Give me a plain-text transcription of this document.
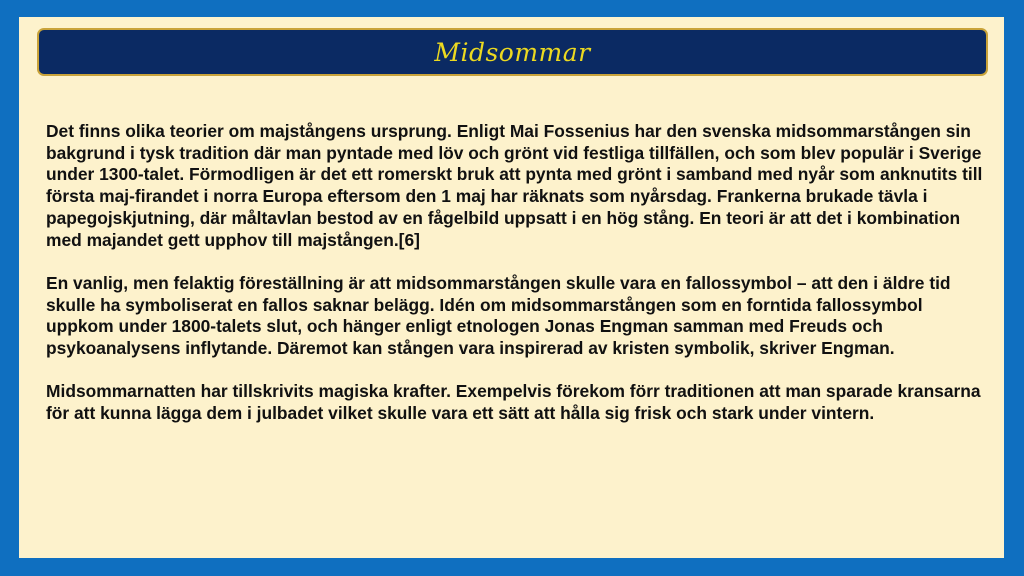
Midsommar

Det finns olika teorier om majstångens ursprung. Enligt Mai Fossenius har den svenska midsommarstången sin bakgrund i tysk tradition där man pyntade med löv och grönt vid festliga tillfällen, och som blev populär i Sverige under 1300-talet. Förmodligen är det ett romerskt bruk att pynta med grönt i samband med nyår som anknutits till första maj-firandet i norra Europa eftersom den 1 maj har räknats som nyårsdag. Frankerna brukade tävla i papegojskjutning, där måltavlan bestod av en fågelbild uppsatt i en hög stång. En teori är att det i kombination med majandet gett upphov till majstången.[6]

En vanlig, men felaktig föreställning är att midsommarstången skulle vara en fallossymbol – att den i äldre tid skulle ha symboliserat en fallos saknar belägg. Idén om midsommarstången som en forntida fallossymbol uppkom under 1800-talets slut, och hänger enligt etnologen Jonas Engman samman med Freuds och psykoanalysens inflytande. Däremot kan stången vara inspirerad av kristen symbolik, skriver Engman.

Midsommarnatten har tillskrivits magiska krafter. Exempelvis förekom förr traditionen att man sparade kransarna för att kunna lägga dem i julbadet vilket skulle vara ett sätt att hålla sig frisk och stark under vintern.
